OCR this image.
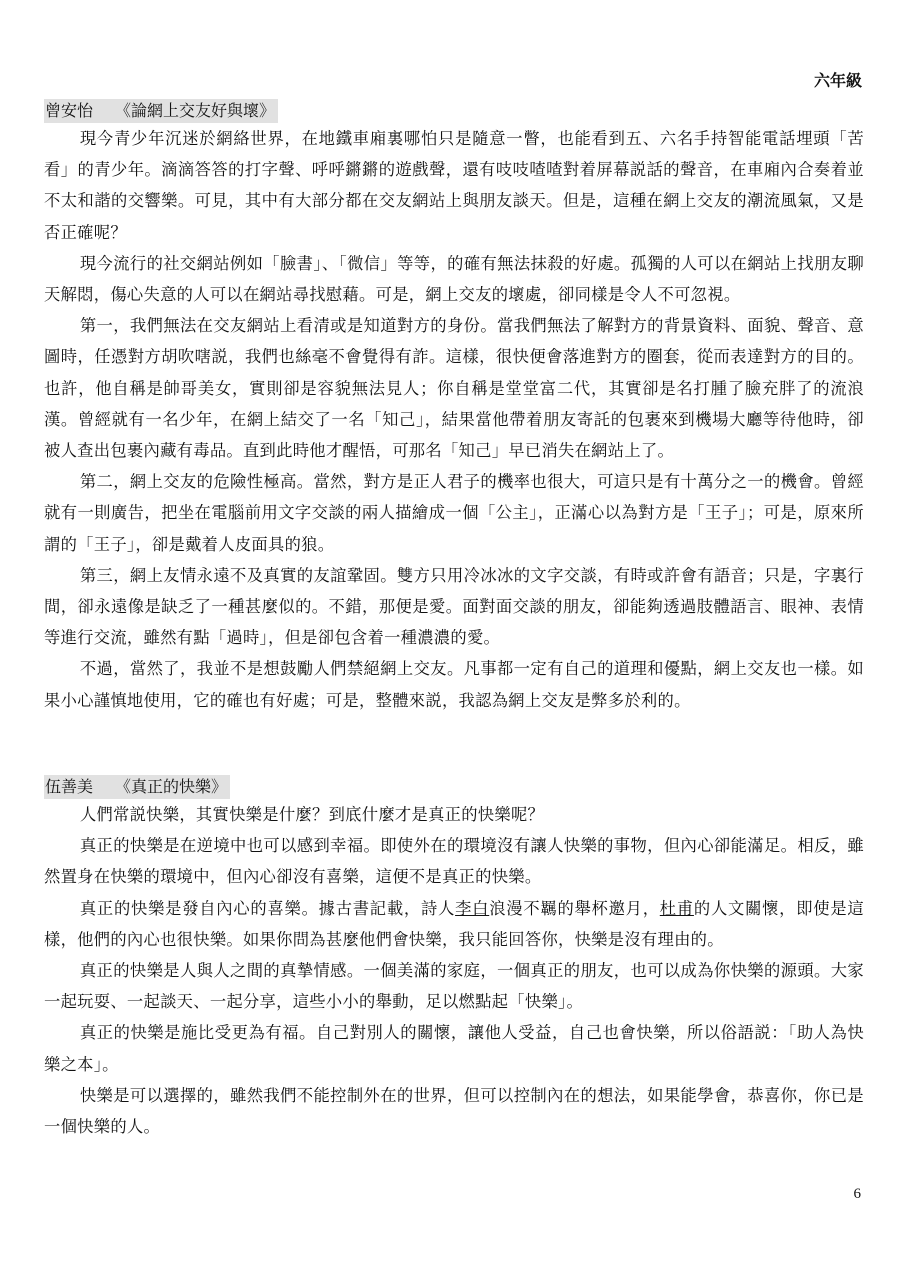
六年級
曾安怡 《論網上交友好與壞》

現今青少年沉迷於網絡世界，在地鐵車廂裏哪怕只是隨意一瞥，也能看到五、六名手持智能電話埋頭「苦看」的青少年。滴滴答答的打字聲、呼呼鏘鏘的遊戲聲，還有吱吱喳喳對着屏幕説話的聲音，在車廂內合奏着並不太和諧的交響樂。可見，其中有大部分都在交友網站上與朋友談天。但是，這種在網上交友的潮流風氣，又是否正確呢？

現今流行的社交網站例如「臉書」、「微信」等等，的確有無法抹殺的好處。孤獨的人可以在網站上找朋友聊天解悶，傷心失意的人可以在網站尋找慰藉。可是，網上交友的壞處，卻同樣是令人不可忽視。

第一，我們無法在交友網站上看清或是知道對方的身份。當我們無法了解對方的背景資料、面貌、聲音、意圖時，任憑對方胡吹嗐説，我們也絲毫不會覺得有詐。這樣，很快便會落進對方的圈套，從而表達對方的目的。也許，他自稱是帥哥美女，實則卻是容貌無法見人；你自稱是堂堂富二代，其實卻是名打腫了臉充胖了的流浪漢。曾經就有一名少年，在網上結交了一名「知己」，結果當他帶着朋友寄託的包裹來到機場大廳等待他時，卻被人查出包裹內藏有毒品。直到此時他才醒悟，可那名「知己」早已消失在網站上了。

第二，網上交友的危險性極高。當然，對方是正人君子的機率也很大，可這只是有十萬分之一的機會。曾經就有一則廣告，把坐在電腦前用文字交談的兩人描繪成一個「公主」，正滿心以為對方是「王子」；可是，原來所謂的「王子」，卻是戴着人皮面具的狼。

第三，網上友情永遠不及真實的友誼鞏固。雙方只用冷冰冰的文字交談，有時或許會有語音；只是，字裏行間，卻永遠像是缺乏了一種甚麼似的。不錯，那便是愛。面對面交談的朋友，卻能夠透過肢體語言、眼神、表情等進行交流，雖然有點「過時」，但是卻包含着一種濃濃的愛。

不過，當然了，我並不是想鼓勵人們禁絕網上交友。凡事都一定有自己的道理和優點，網上交友也一樣。如果小心謹慎地使用，它的確也有好處；可是，整體來説，我認為網上交友是弊多於利的。

伍善美 《真正的快樂》

人們常説快樂，其實快樂是什麼？到底什麼才是真正的快樂呢？

真正的快樂是在逆境中也可以感到幸福。即使外在的環境沒有讓人快樂的事物，但內心卻能滿足。相反，雖然置身在快樂的環境中，但內心卻沒有喜樂，這便不是真正的快樂。

真正的快樂是發自內心的喜樂。據古書記載，詩人李白浪漫不羈的舉杯邀月，杜甫的人文關懷，即使是這樣，他們的內心也很快樂。如果你問為甚麼他們會快樂，我只能回答你，快樂是沒有理由的。

真正的快樂是人與人之間的真摯情感。一個美滿的家庭，一個真正的朋友，也可以成為你快樂的源頭。大家一起玩耍、一起談天、一起分享，這些小小的舉動，足以燃點起「快樂」。

真正的快樂是施比受更為有福。自己對別人的關懷，讓他人受益，自己也會快樂，所以俗語説：「助人為快樂之本」。

快樂是可以選擇的，雖然我們不能控制外在的世界，但可以控制內在的想法，如果能學會，恭喜你，你已是一個快樂的人。

6
